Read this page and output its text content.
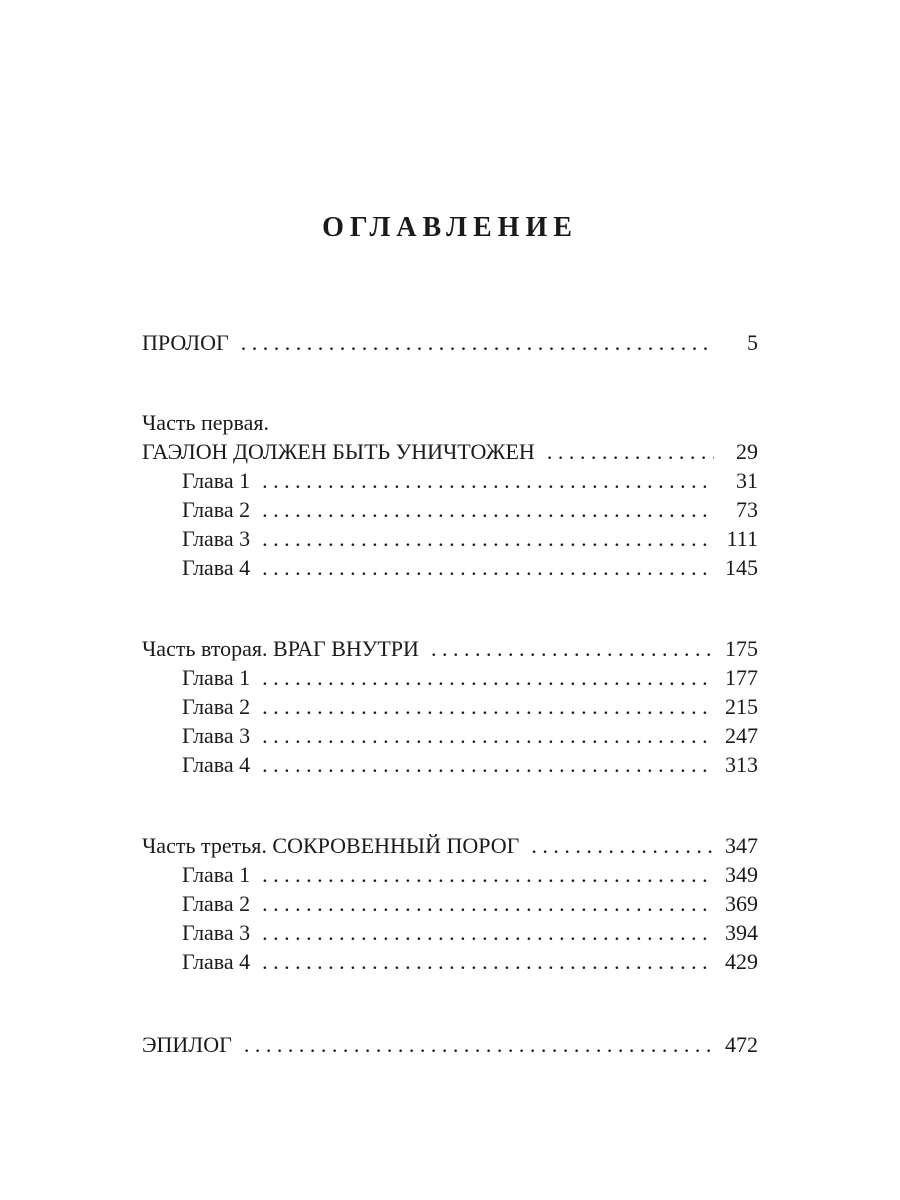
ОГЛАВЛЕНИЕ
ПРОЛОГ . . .	5
Часть первая.
ГАЭЛОН ДОЛЖЕН БЫТЬ УНИЧТОЖЕН . . .	29
Глава 1 . . .	31
Глава 2 . . .	73
Глава 3 . . .	111
Глава 4 . . .	145
Часть вторая. ВРАГ ВНУТРИ . . .	175
Глава 1 . . .	177
Глава 2 . . .	215
Глава 3 . . .	247
Глава 4 . . .	313
Часть третья. СОКРОВЕННЫЙ ПОРОГ . . .	347
Глава 1 . . .	349
Глава 2 . . .	369
Глава 3 . . .	394
Глава 4 . . .	429
ЭПИЛОГ . . .	472
